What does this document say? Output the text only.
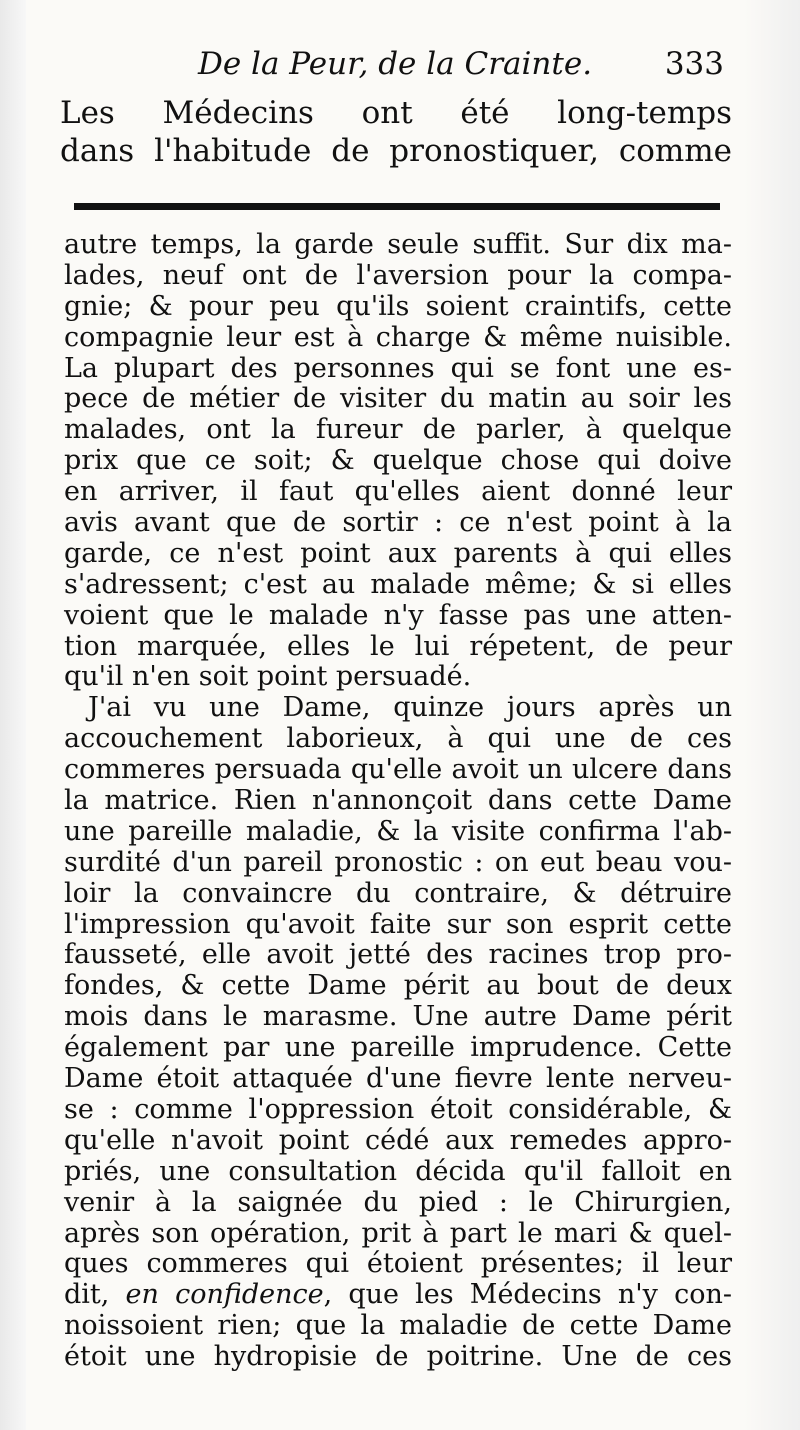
De la Peur, de la Crainte. 333
Les Médecins ont été long-temps
dans l'habitude de pronostiquer, comme
autre temps, la garde seule suffit. Sur dix ma-
lades, neuf ont de l'aversion pour la compa-
gnie; & pour peu qu'ils soient craintifs, cette
compagnie leur est à charge & même nuisible.
La plupart des personnes qui se font une es-
pece de métier de visiter du matin au soir les
malades, ont la fureur de parler, à quelque
prix que ce soit; & quelque chose qui doive
en arriver, il faut qu'elles aient donné leur
avis avant que de sortir : ce n'est point à la
garde, ce n'est point aux parents à qui elles
s'adressent; c'est au malade même; & si elles
voient que le malade n'y fasse pas une atten-
tion marquée, elles le lui répetent, de peur
qu'il n'en soit point persuadé.
J'ai vu une Dame, quinze jours après un
accouchement laborieux, à qui une de ces
commeres persuada qu'elle avoit un ulcere dans
la matrice. Rien n'annonçoit dans cette Dame
une pareille maladie, & la visite confirma l'ab-
surdité d'un pareil pronostic : on eut beau vou-
loir la convaincre du contraire, & détruire
l'impression qu'avoit faite sur son esprit cette
fausseté, elle avoit jetté des racines trop pro-
fondes, & cette Dame périt au bout de deux
mois dans le marasme. Une autre Dame périt
également par une pareille imprudence. Cette
Dame étoit attaquée d'une fievre lente nerveu-
se : comme l'oppression étoit considérable, &
qu'elle n'avoit point cédé aux remedes appro-
priés, une consultation décida qu'il falloit en
venir à la saignée du pied : le Chirurgien,
après son opération, prit à part le mari & quel-
ques commeres qui étoient présentes; il leur
dit, en confidence, que les Médecins n'y con-
noissoient rien; que la maladie de cette Dame
étoit une hydropisie de poitrine. Une de ces
